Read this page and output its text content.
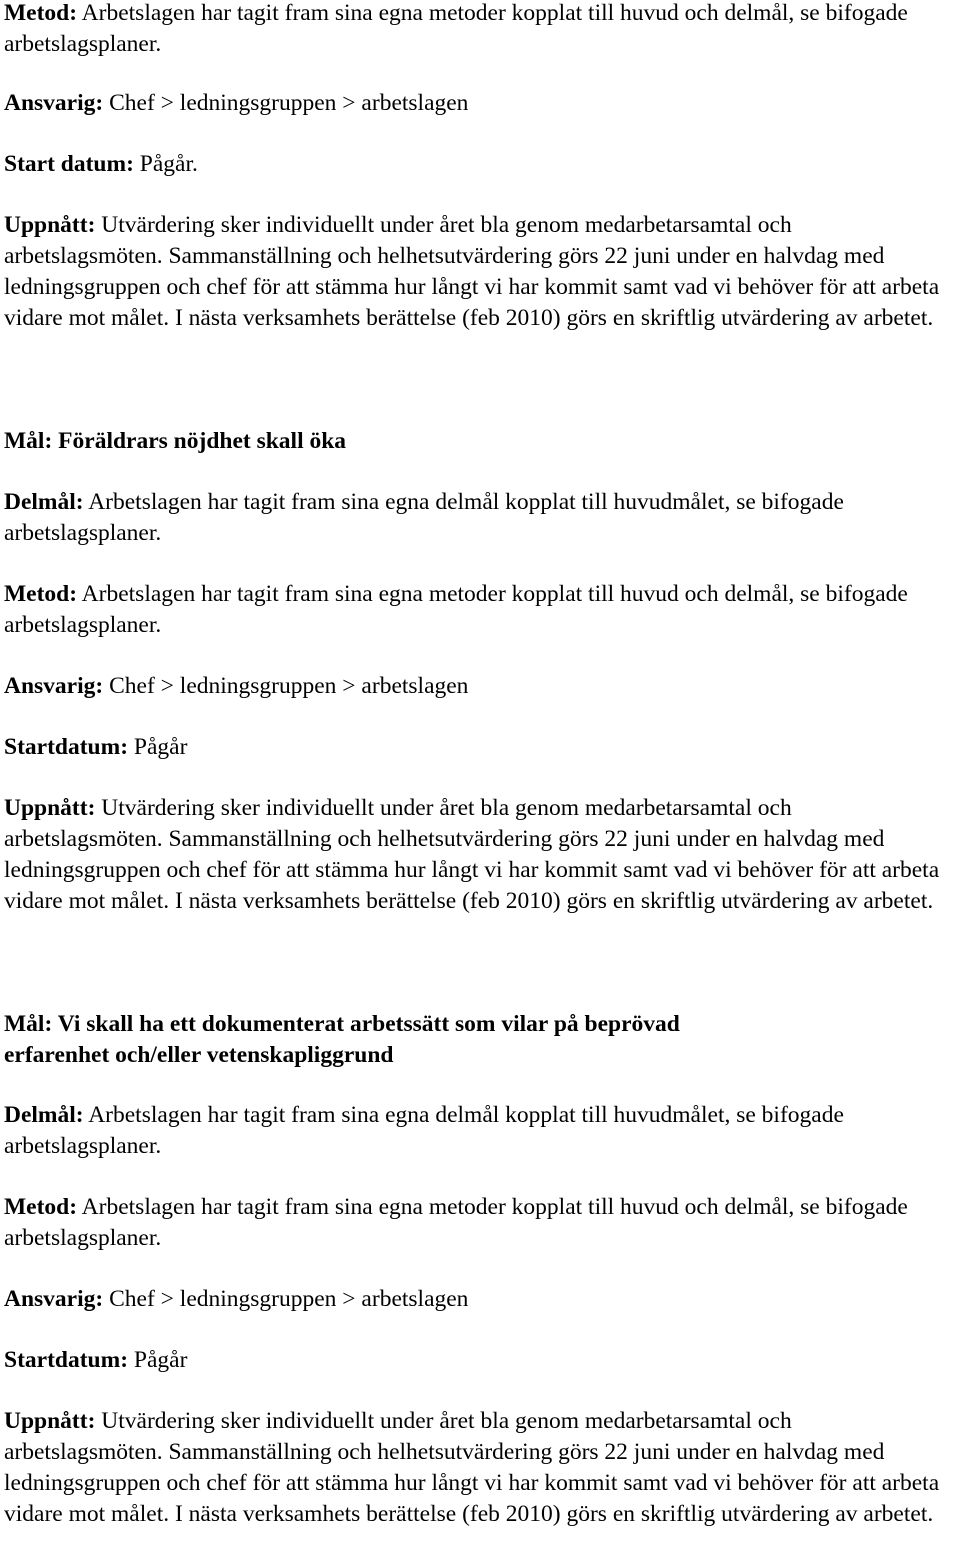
Metod: Arbetslagen har tagit fram sina egna metoder kopplat till huvud och delmål, se bifogade arbetslagsplaner.

Ansvarig: Chef > ledningsgruppen > arbetslagen

Start datum: Pågår.

Uppnått: Utvärdering sker individuellt under året bla genom medarbetarsamtal och arbetslagsmöten. Sammanställning och helhetsutvärdering görs 22 juni under en halvdag med ledningsgruppen och chef för att stämma hur långt vi har kommit samt vad vi behöver för att arbeta vidare mot målet. I nästa verksamhets berättelse (feb 2010) görs en skriftlig utvärdering av arbetet.

Mål: Föräldrars nöjdhet skall öka

Delmål: Arbetslagen har tagit fram sina egna delmål kopplat till huvudmålet, se bifogade arbetslagsplaner.

Metod: Arbetslagen har tagit fram sina egna metoder kopplat till huvud och delmål, se bifogade arbetslagsplaner.

Ansvarig: Chef > ledningsgruppen > arbetslagen

Startdatum: Pågår

Uppnått: Utvärdering sker individuellt under året bla genom medarbetarsamtal och arbetslagsmöten. Sammanställning och helhetsutvärdering görs 22 juni under en halvdag med ledningsgruppen och chef för att stämma hur långt vi har kommit samt vad vi behöver för att arbeta vidare mot målet. I nästa verksamhets berättelse (feb 2010) görs en skriftlig utvärdering av arbetet.

Mål: Vi skall ha ett dokumenterat arbetssätt som vilar på beprövad erfarenhet och/eller vetenskapliggrund

Delmål: Arbetslagen har tagit fram sina egna delmål kopplat till huvudmålet, se bifogade arbetslagsplaner.

Metod: Arbetslagen har tagit fram sina egna metoder kopplat till huvud och delmål, se bifogade arbetslagsplaner.

Ansvarig: Chef > ledningsgruppen > arbetslagen

Startdatum: Pågår

Uppnått: Utvärdering sker individuellt under året bla genom medarbetarsamtal och arbetslagsmöten. Sammanställning och helhetsutvärdering görs 22 juni under en halvdag med ledningsgruppen och chef för att stämma hur långt vi har kommit samt vad vi behöver för att arbeta vidare mot målet. I nästa verksamhets berättelse (feb 2010) görs en skriftlig utvärdering av arbetet.
